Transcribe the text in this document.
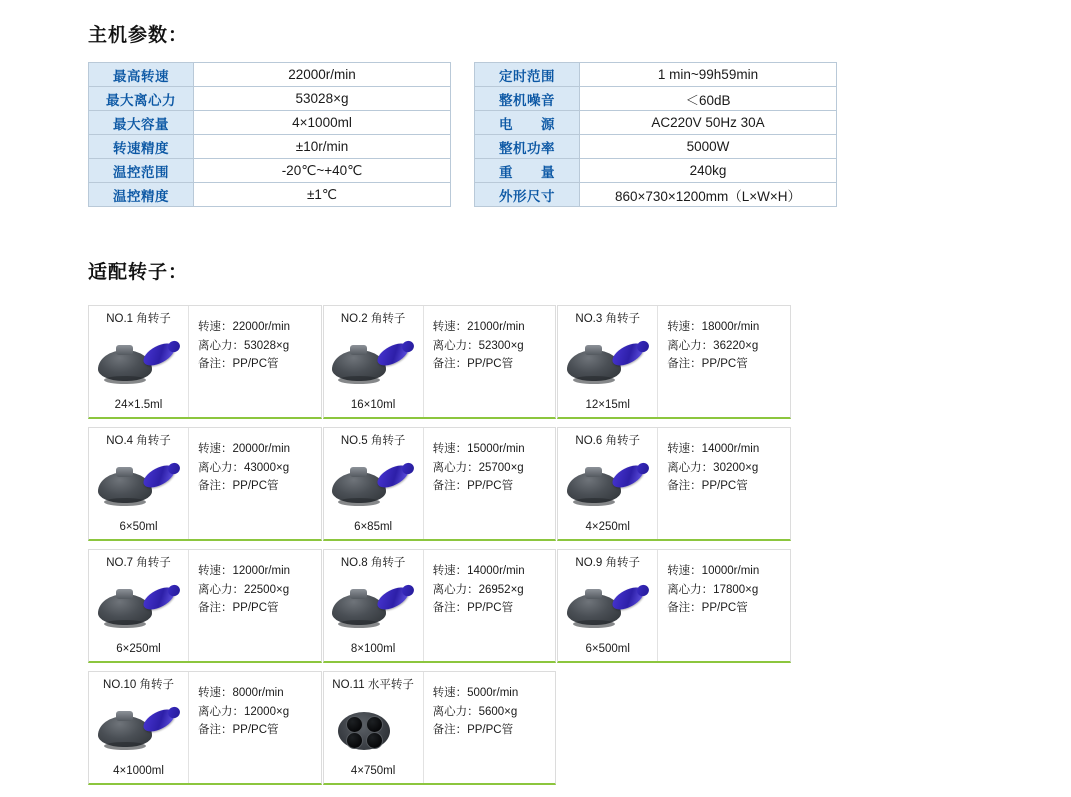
主机参数：
最高转速	22000r/min
最大离心力	53028×g
最大容量	4×1000ml
转速精度	±10r/min
温控范围	-20℃~+40℃
温控精度	±1℃
定时范围	1 min~99h59min
整机噪音	＜60dB
电　　源	AC220V 50Hz 30A
整机功率	5000W
重　　量	240kg
外形尺寸	860×730×1200mm（L×W×H）
适配转子：
NO.1 角转子
24×1.5ml
转速：22000r/min
离心力：53028×g
备注：PP/PC管
NO.2 角转子
16×10ml
转速：21000r/min
离心力：52300×g
备注：PP/PC管
NO.3 角转子
12×15ml
转速：18000r/min
离心力：36220×g
备注：PP/PC管
NO.4 角转子
6×50ml
转速：20000r/min
离心力：43000×g
备注：PP/PC管
NO.5 角转子
6×85ml
转速：15000r/min
离心力：25700×g
备注：PP/PC管
NO.6 角转子
4×250ml
转速：14000r/min
离心力：30200×g
备注：PP/PC管
NO.7 角转子
6×250ml
转速：12000r/min
离心力：22500×g
备注：PP/PC管
NO.8 角转子
8×100ml
转速：14000r/min
离心力：26952×g
备注：PP/PC管
NO.9 角转子
6×500ml
转速：10000r/min
离心力：17800×g
备注：PP/PC管
NO.10 角转子
4×1000ml
转速：8000r/min
离心力：12000×g
备注：PP/PC管
NO.11 水平转子
4×750ml
转速：5000r/min
离心力：5600×g
备注：PP/PC管
